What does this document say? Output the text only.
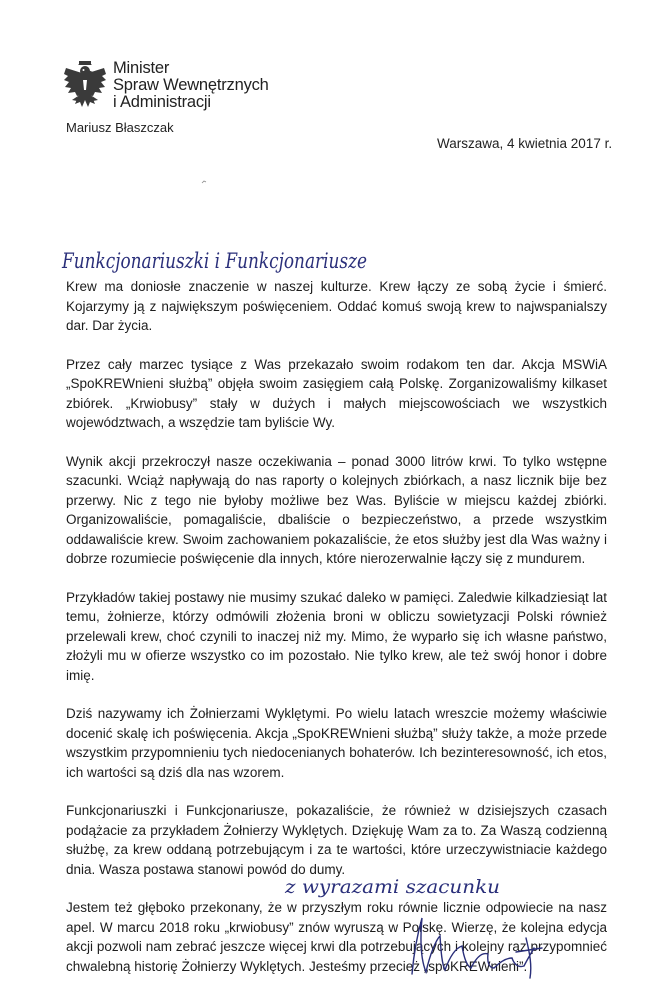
Minister
Spraw Wewnętrznych
i Administracji
Mariusz Błaszczak
Warszawa, 4 kwietnia 2017 r.
Funkcjonariuszki i Funkcjonariusze

Krew ma doniosłe znaczenie w naszej kulturze. Krew łączy ze sobą życie i śmierć. Kojarzymy ją z największym poświęceniem. Oddać komuś swoją krew to najwspanialszy dar. Dar życia.

Przez cały marzec tysiące z Was przekazało swoim rodakom ten dar. Akcja MSWiA „SpoKREWnieni służbą” objęła swoim zasięgiem całą Polskę. Zorganizowaliśmy kilkaset zbiórek. „Krwiobusy” stały w dużych i małych miejscowościach we wszystkich województwach, a wszędzie tam byliście Wy.

Wynik akcji przekroczył nasze oczekiwania – ponad 3000 litrów krwi. To tylko wstępne szacunki. Wciąż napływają do nas raporty o kolejnych zbiórkach, a nasz licznik bije bez przerwy. Nic z tego nie byłoby możliwe bez Was. Byliście w miejscu każdej zbiórki. Organizowaliście, pomagaliście, dbaliście o bezpieczeństwo, a przede wszystkim oddawaliście krew. Swoim zachowaniem pokazaliście, że etos służby jest dla Was ważny i dobrze rozumiecie poświęcenie dla innych, które nierozerwalnie łączy się z mundurem.

Przykładów takiej postawy nie musimy szukać daleko w pamięci. Zaledwie kilkadziesiąt lat temu, żołnierze, którzy odmówili złożenia broni w obliczu sowietyzacji Polski również przelewali krew, choć czynili to inaczej niż my. Mimo, że wyparło się ich własne państwo, złożyli mu w ofierze wszystko co im pozostało. Nie tylko krew, ale też swój honor i dobre imię.

Dziś nazywamy ich Żołnierzami Wyklętymi. Po wielu latach wreszcie możemy właściwie docenić skalę ich poświęcenia. Akcja „SpoKREWnieni służbą” służy także, a może przede wszystkim przypomnieniu tych niedocenianych bohaterów. Ich bezinteresowność, ich etos, ich wartości są dziś dla nas wzorem.

Funkcjonariuszki i Funkcjonariusze, pokazaliście, że również w dzisiejszych czasach podążacie za przykładem Żołnierzy Wyklętych. Dziękuję Wam za to. Za Waszą codzienną służbę, za krew oddaną potrzebującym i za te wartości, które urzeczywistniacie każdego dnia. Wasza postawa stanowi powód do dumy.

Jestem też głęboko przekonany, że w przyszłym roku równie licznie odpowiecie na nasz apel. W marcu 2018 roku „krwiobusy” znów wyruszą w Polskę. Wierzę, że kolejna edycja akcji pozwoli nam zebrać jeszcze więcej krwi dla potrzebujących i kolejny raz przypomnieć chwalebną historię Żołnierzy Wyklętych. Jesteśmy przecież „spoKREWnieni”.

z wyrazami szacunku
